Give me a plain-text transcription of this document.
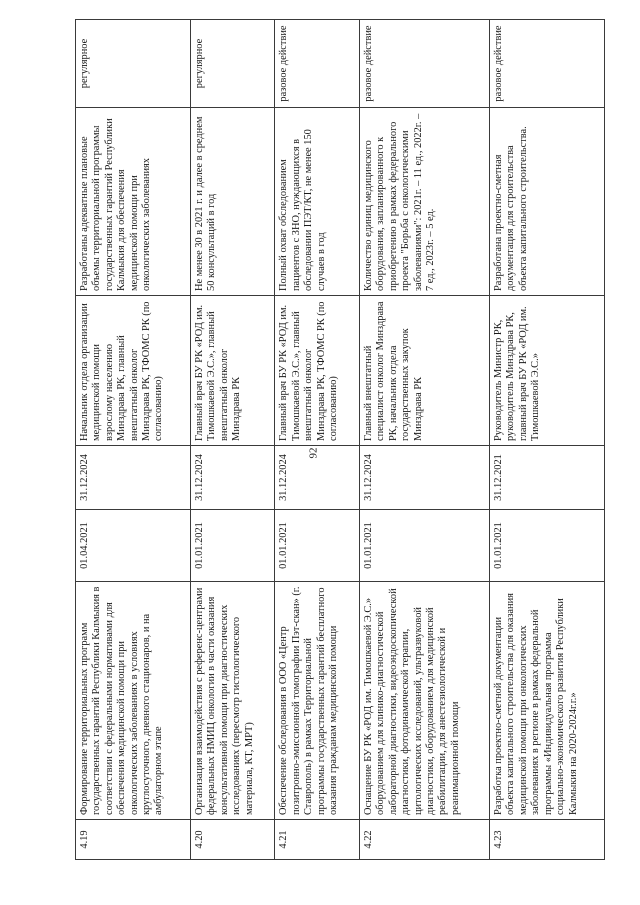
4.19	Формирование территориальных программ государственных гарантий Республики Калмыкия в соответствии с федеральными нормативами для обеспечения медицинской помощи при онкологических заболеваниях в условиях круглосуточного, дневного стационаров, и на амбулаторном этапе	01.04.2021	31.12.2024	Начальник отдела организации медицинской помощи взрослому населению Минздрава РК, главный внештатный онколог Минздрава РК, ТФОМС РК (по согласованию)	Разработаны адекватные плановые объемы территориальной программы государственных гарантий Республики Калмыкия для обеспечения медицинской помощи при онкологических заболеваниях	регулярное
4.20	Организация взаимодействия с референс-центрами федеральных НМИЦ онкологии в части оказания консультативной помощи при диагностических исследованиях (пересмотр гистологического материала, КТ, МРТ)	01.01.2021	31.12.2024	Главный врач БУ РК «РОД им. Тимошкаевой Э.С.», главный внештатный онколог Минздрава РК	Не менее 30 в 2021 г. и далее в среднем 50 консультаций в год	регулярное
4.21	Обеспечение обследования в ООО «Центр позитронно-эмиссионной томографии Пэт-скан» (г. Ставрополь) в рамках Территориальной программы государственных гарантий бесплатного оказания гражданам медицинской помощи	01.01.2021	31.12.2024	Главный врач БУ РК «РОД им. Тимошкаевой Э.С.», главный внештатный онколог Минздрава РК, ТФОМС РК (по согласованию)	Полный охват обследованием пациентов с ЗНО, нуждающихся в обследовании ПЭТ/КТ, не менее 150 случаев в год	разовое действие
4.22	Оснащение БУ РК «РОД им. Тимошкаевой Э.С.» оборудованием для клинико-диагностической лабораторной диагностики, видеоэндоскопической диагностики, фотодинамической терапии, цитологических исследований, ультразвуковой диагностики, оборудованием для медицинской реабилитации, для анестезиологической и реанимационной помощи	01.01.2021	31.12.2024	Главный внештатный специалист онколог Минздрава РК, начальник отдела государственных закупок Минздрава РК	Количество единиц медицинского оборудования, запланированного к приобретению в рамках федерального проекта "Борьба с онкологическими заболеваниями": 2021г. – 11 ед., 2022г. – 7 ед., 2023г. – 5 ед.	разовое действие
4.23	Разработка проектно-сметной документации объекта капитального строительства для оказания медицинской помощи при онкологических заболеваниях в регионе в рамках федеральной программы «Индивидуальная программа социально-экономического развития Республики Калмыкия на 2020-2024г.г.»	01.01.2021	31.12.2021	Руководитель Министр РК, руководитель Минздрава РК, главный врач БУ РК «РОД им. Тимошкаевой Э.С.»	Разработана проектно-сметная документация для строительства объекта капитального строительства.	разовое действие
92
